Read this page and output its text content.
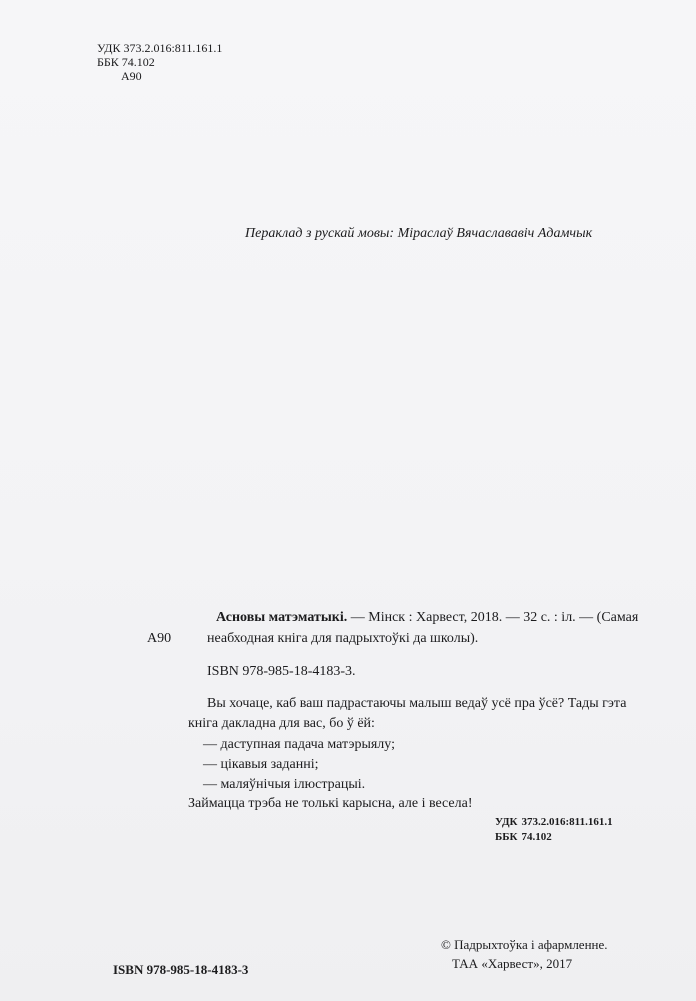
УДК 373.2.016:811.161.1
ББК 74.102
А90
Пераклад з рускай мовы: Міраслаў Вячаслававіч Адамчык
Асновы матэматыкі. — Мінск : Харвест, 2018. — 32 с. : іл. — (Самая
А90	неабходная кніга для падрыхтоўкі да школы).
ISBN 978-985-18-4183-3.
Вы хочаце, каб ваш падрастаючы малыш ведаў усё пра ўсё? Тады гэта
кніга дакладна для вас, бо ў ёй:
— даступная падача матэрыялу;
— цікавыя заданні;
— маляўнічыя ілюстрацыі.
Займацца трэба не толькі карысна, але і весела!
УДК 373.2.016:811.161.1
ББК 74.102
© Падрыхтоўка і афармленне.
ТАА «Харвест», 2017
ISBN 978-985-18-4183-3
